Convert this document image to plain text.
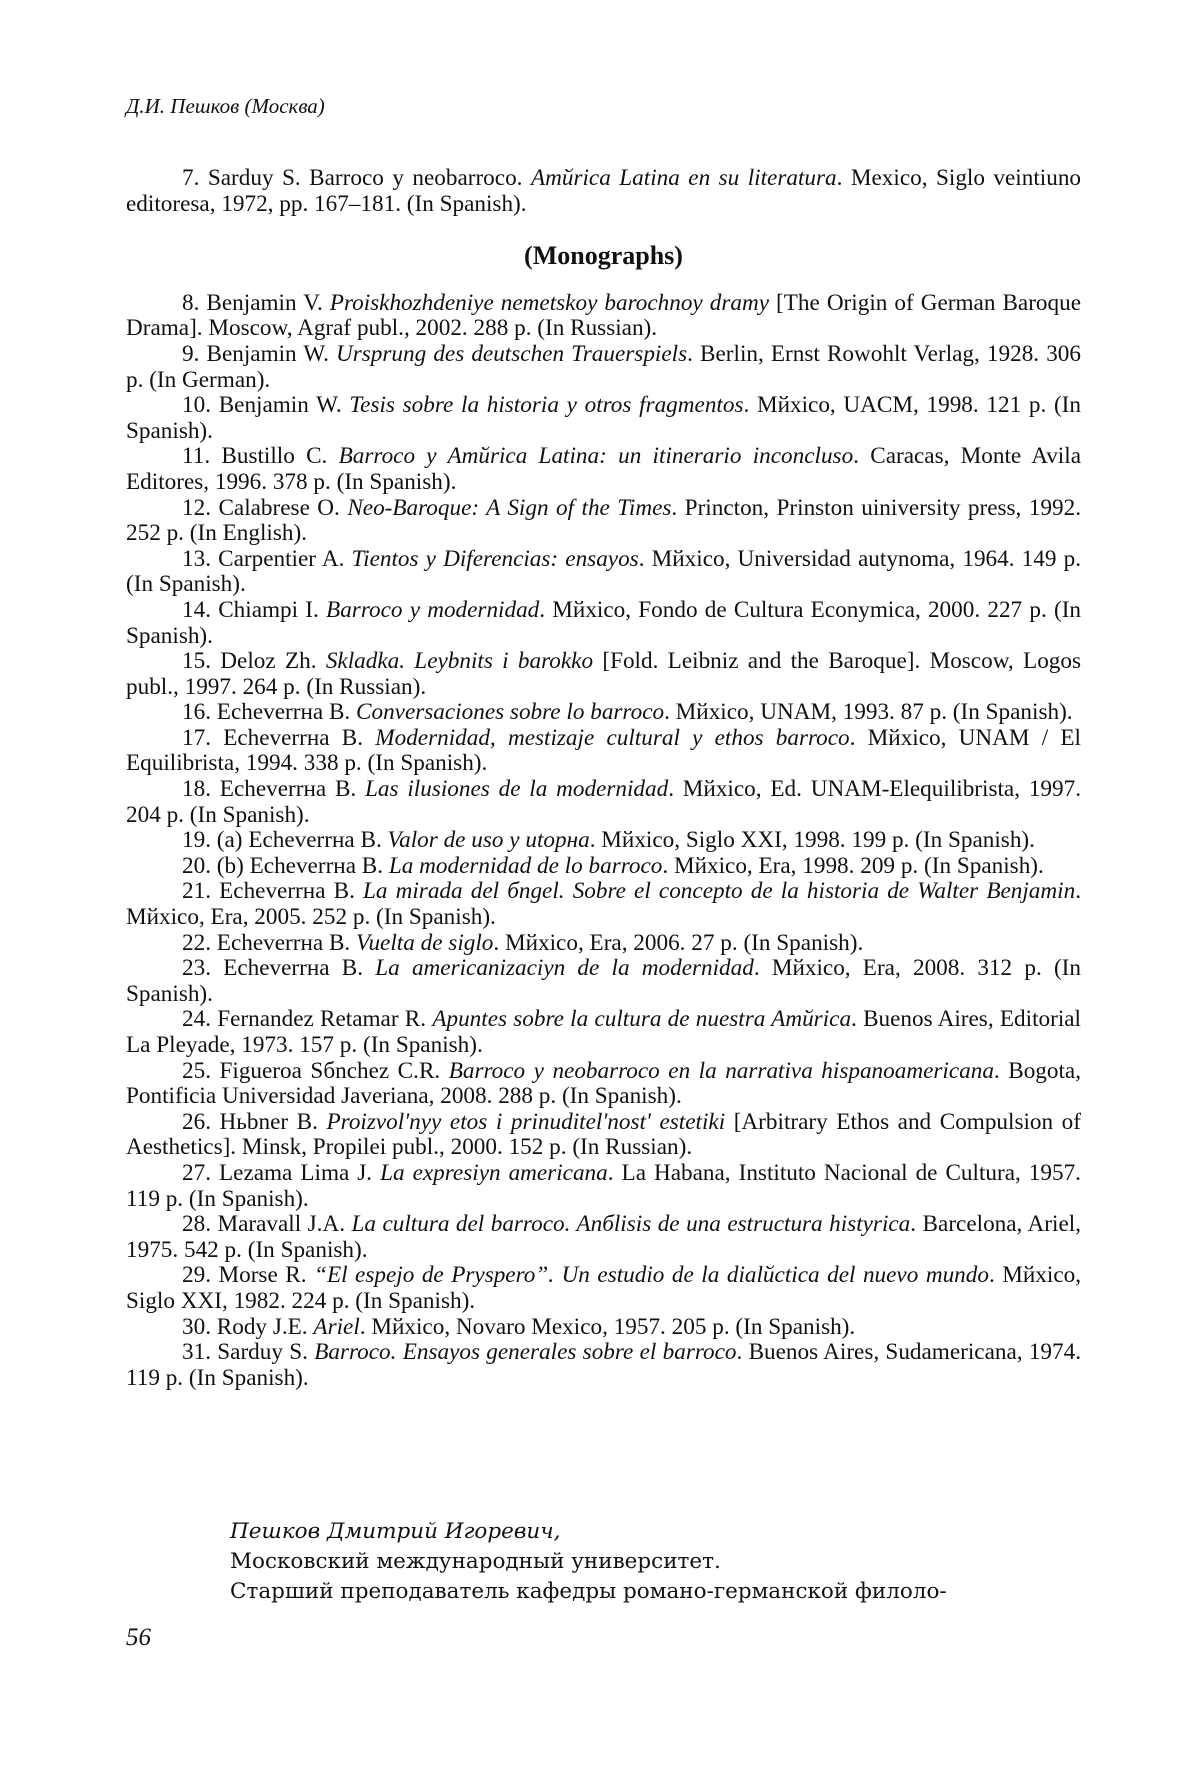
Д.И. Пешков (Москва)

7. Sarduy S. Barroco y neobarroco. Amйrica Latina en su literatura. Mexico, Siglo veintiuno editoresa, 1972, pp. 167–181. (In Spanish).

(Monographs)

8. Benjamin V. Proiskhozhdeniye nemetskoy barochnoy dramy [The Origin of German Baroque Drama]. Moscow, Agraf publ., 2002. 288 p. (In Russian).

9. Benjamin W. Ursprung des deutschen Trauerspiels. Berlin, Ernst Rowohlt Verlag, 1928. 306 p. (In German).

10. Benjamin W. Tesis sobre la historia y otros fragmentos. Mйxico, UACM, 1998. 121 p. (In Spanish).

11. Bustillo C. Barroco y Amйrica Latina: un itinerario inconcluso. Caracas, Monte Avila Editores, 1996. 378 p. (In Spanish).

12. Calabrese O. Neo-Baroque: A Sign of the Times. Princton, Prinston uiniversity press, 1992. 252 p. (In English).

13. Carpentier A. Tientos y Diferencias: ensayos. Mйxico, Universidad autynoma, 1964. 149 p. (In Spanish).

14. Chiampi I. Barroco y modernidad. Mйxico, Fondo de Cultura Econymica, 2000. 227 p. (In Spanish).

15. Deloz Zh. Skladka. Leybnits i barokko [Fold. Leibniz and the Baroque]. Moscow, Logos publ., 1997. 264 p. (In Russian).

16. Echeverrнa B. Conversaciones sobre lo barroco. Mйxico, UNAM, 1993. 87 p. (In Spanish).

17. Echeverrнa B. Modernidad, mestizaje cultural y ethos barroco. Mйxico, UNAM / El Equilibrista, 1994. 338 p. (In Spanish).

18. Echeverrнa B. Las ilusiones de la modernidad. Mйxico, Ed. UNAM-Elequilibrista, 1997. 204 p. (In Spanish).

19. (a) Echeverrнa B. Valor de uso y utopнa. Mйxico, Siglo XXI, 1998. 199 p. (In Spanish).

20. (b) Echeverrнa B. La modernidad de lo barroco. Mйxico, Era, 1998. 209 p. (In Spanish).

21. Echeverrнa B. La mirada del бngel. Sobre el concepto de la historia de Walter Benjamin. Mйxico, Era, 2005. 252 p. (In Spanish).

22. Echeverrнa B. Vuelta de siglo. Mйxico, Era, 2006. 27 p. (In Spanish).

23. Echeverrнa B. La americanizaciyn de la modernidad. Mйxico, Era, 2008. 312 p. (In Spanish).

24. Fernandez Retamar R. Apuntes sobre la cultura de nuestra Amйrica. Buenos Aires, Editorial La Pleyade, 1973. 157 p. (In Spanish).

25. Figueroa Sбnchez C.R. Barroco y neobarroco en la narrativa hispanoamericana. Bogota, Pontificia Universidad Javeriana, 2008. 288 p. (In Spanish).

26. Hьbner B. Proizvol'nyy etos i prinuditel'nost' estetiki [Arbitrary Ethos and Compulsion of Aesthetics]. Minsk, Propilei publ., 2000. 152 p. (In Russian).

27. Lezama Lima J. La expresiyn americana. La Habana, Instituto Nacional de Cultura, 1957. 119 p. (In Spanish).

28. Maravall J.A. La cultura del barroco. Anбlisis de una estructura histyrica. Barcelona, Ariel, 1975. 542 p. (In Spanish).

29. Morse R. “El espejo de Pryspero”. Un estudio de la dialйctica del nuevo mundo. Mйxico, Siglo XXI, 1982. 224 p. (In Spanish).

30. Rody J.E. Ariel. Mйxico, Novaro Mexico, 1957. 205 p. (In Spanish).

31. Sarduy S. Barroco. Ensayos generales sobre el barroco. Buenos Aires, Sudamericana, 1974. 119 p. (In Spanish).

Пешков Дмитрий Игоревич,
Московский международный университет.
Старший преподаватель кафедры романо-германской филоло-
56
